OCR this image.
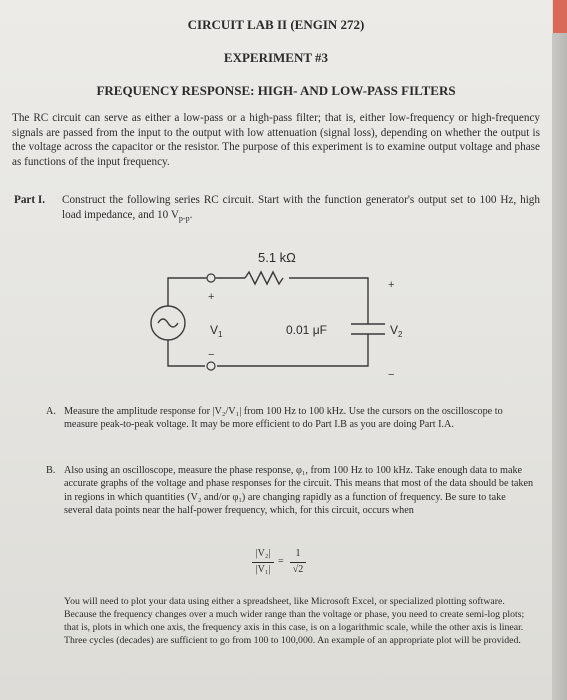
CIRCUIT LAB II (ENGIN 272)
EXPERIMENT #3
FREQUENCY RESPONSE: HIGH- AND LOW-PASS FILTERS
The RC circuit can serve as either a low-pass or a high-pass filter; that is, either low-frequency or high-frequency signals are passed from the input to the output with low attenuation (signal loss), depending on whether the output is the voltage across the capacitor or the resistor. The purpose of this experiment is to examine output voltage and phase as functions of the input frequency.
Part I.	Construct the following series RC circuit. Start with the function generator's output set to 100 Hz, high load impedance, and 10 $V_{p-p}$.
+
−
$V_1$
5.1 kΩ
0.01 μF	$V_2$
+
−
A. Measure the amplitude response for |V₂/V₁| from 100 Hz to 100 kHz. Use the cursors on the oscilloscope to measure peak-to-peak voltage. It may be more efficient to do Part I.B as you are doing Part I.A.
B. Also using an oscilloscope, measure the phase response, φ₁, from 100 Hz to 100 kHz. Take enough data to make accurate graphs of the voltage and phase responses for the circuit. This means that most of the data should be taken in regions in which quantities (V₂ and/or φ₁) are changing rapidly as a function of frequency. Be sure to take several data points near the half-power frequency, which, for this circuit, occurs when
|V₂|
|V₁|
=
1
√2
You will need to plot your data using either a spreadsheet, like Microsoft Excel, or specialized plotting software. Because the frequency changes over a much wider range than the voltage or phase, you need to create semi-log plots; that is, plots in which one axis, the frequency axis in this case, is on a logarithmic scale, while the other axis is linear. Three cycles (decades) are sufficient to go from 100 to 100,000. An example of an appropriate plot will be provided.
